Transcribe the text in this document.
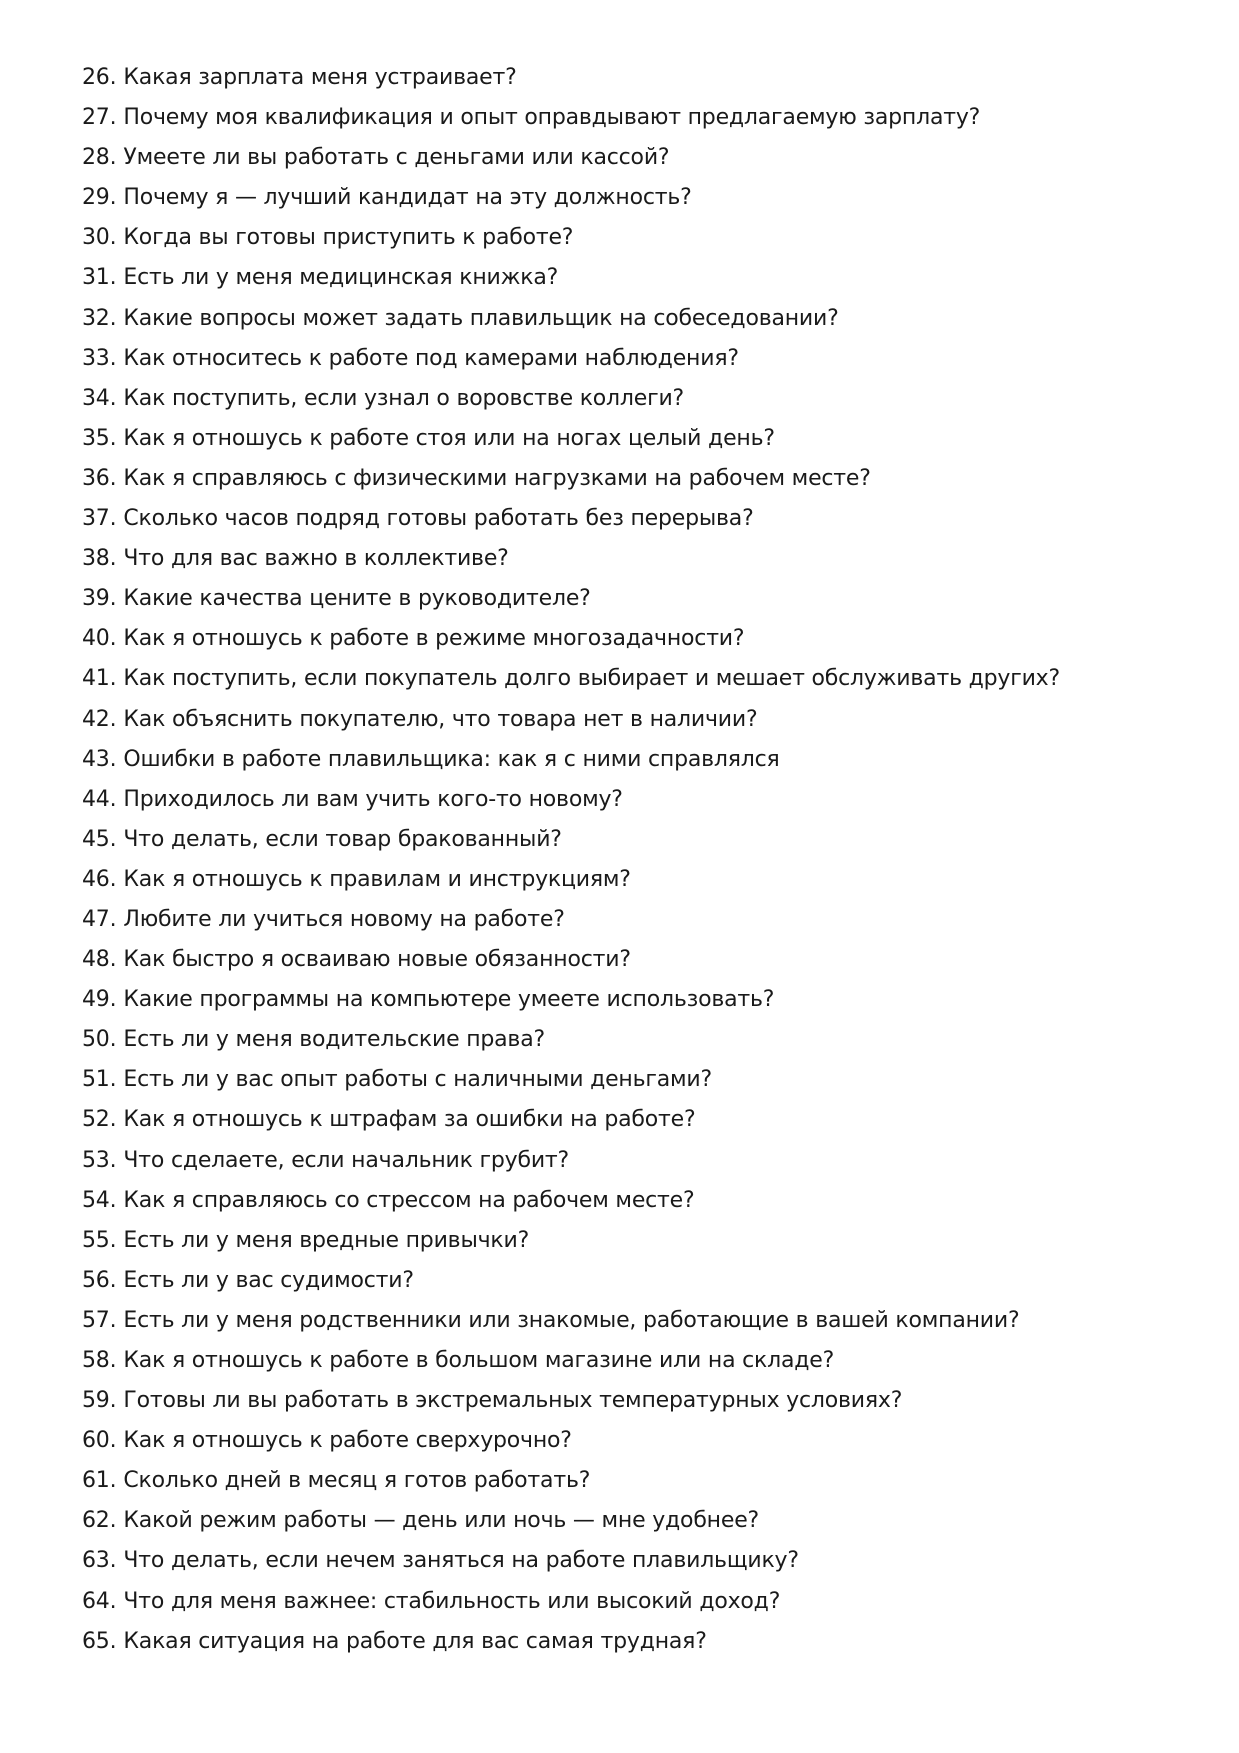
26. Какая зарплата меня устраивает?
27. Почему моя квалификация и опыт оправдывают предлагаемую зарплату?
28. Умеете ли вы работать с деньгами или кассой?
29. Почему я — лучший кандидат на эту должность?
30. Когда вы готовы приступить к работе?
31. Есть ли у меня медицинская книжка?
32. Какие вопросы может задать плавильщик на собеседовании?
33. Как относитесь к работе под камерами наблюдения?
34. Как поступить, если узнал о воровстве коллеги?
35. Как я отношусь к работе стоя или на ногах целый день?
36. Как я справляюсь с физическими нагрузками на рабочем месте?
37. Сколько часов подряд готовы работать без перерыва?
38. Что для вас важно в коллективе?
39. Какие качества цените в руководителе?
40. Как я отношусь к работе в режиме многозадачности?
41. Как поступить, если покупатель долго выбирает и мешает обслуживать других?
42. Как объяснить покупателю, что товара нет в наличии?
43. Ошибки в работе плавильщика: как я с ними справлялся
44. Приходилось ли вам учить кого-то новому?
45. Что делать, если товар бракованный?
46. Как я отношусь к правилам и инструкциям?
47. Любите ли учиться новому на работе?
48. Как быстро я осваиваю новые обязанности?
49. Какие программы на компьютере умеете использовать?
50. Есть ли у меня водительские права?
51. Есть ли у вас опыт работы с наличными деньгами?
52. Как я отношусь к штрафам за ошибки на работе?
53. Что сделаете, если начальник грубит?
54. Как я справляюсь со стрессом на рабочем месте?
55. Есть ли у меня вредные привычки?
56. Есть ли у вас судимости?
57. Есть ли у меня родственники или знакомые, работающие в вашей компании?
58. Как я отношусь к работе в большом магазине или на складе?
59. Готовы ли вы работать в экстремальных температурных условиях?
60. Как я отношусь к работе сверхурочно?
61. Сколько дней в месяц я готов работать?
62. Какой режим работы — день или ночь — мне удобнее?
63. Что делать, если нечем заняться на работе плавильщику?
64. Что для меня важнее: стабильность или высокий доход?
65. Какая ситуация на работе для вас самая трудная?
